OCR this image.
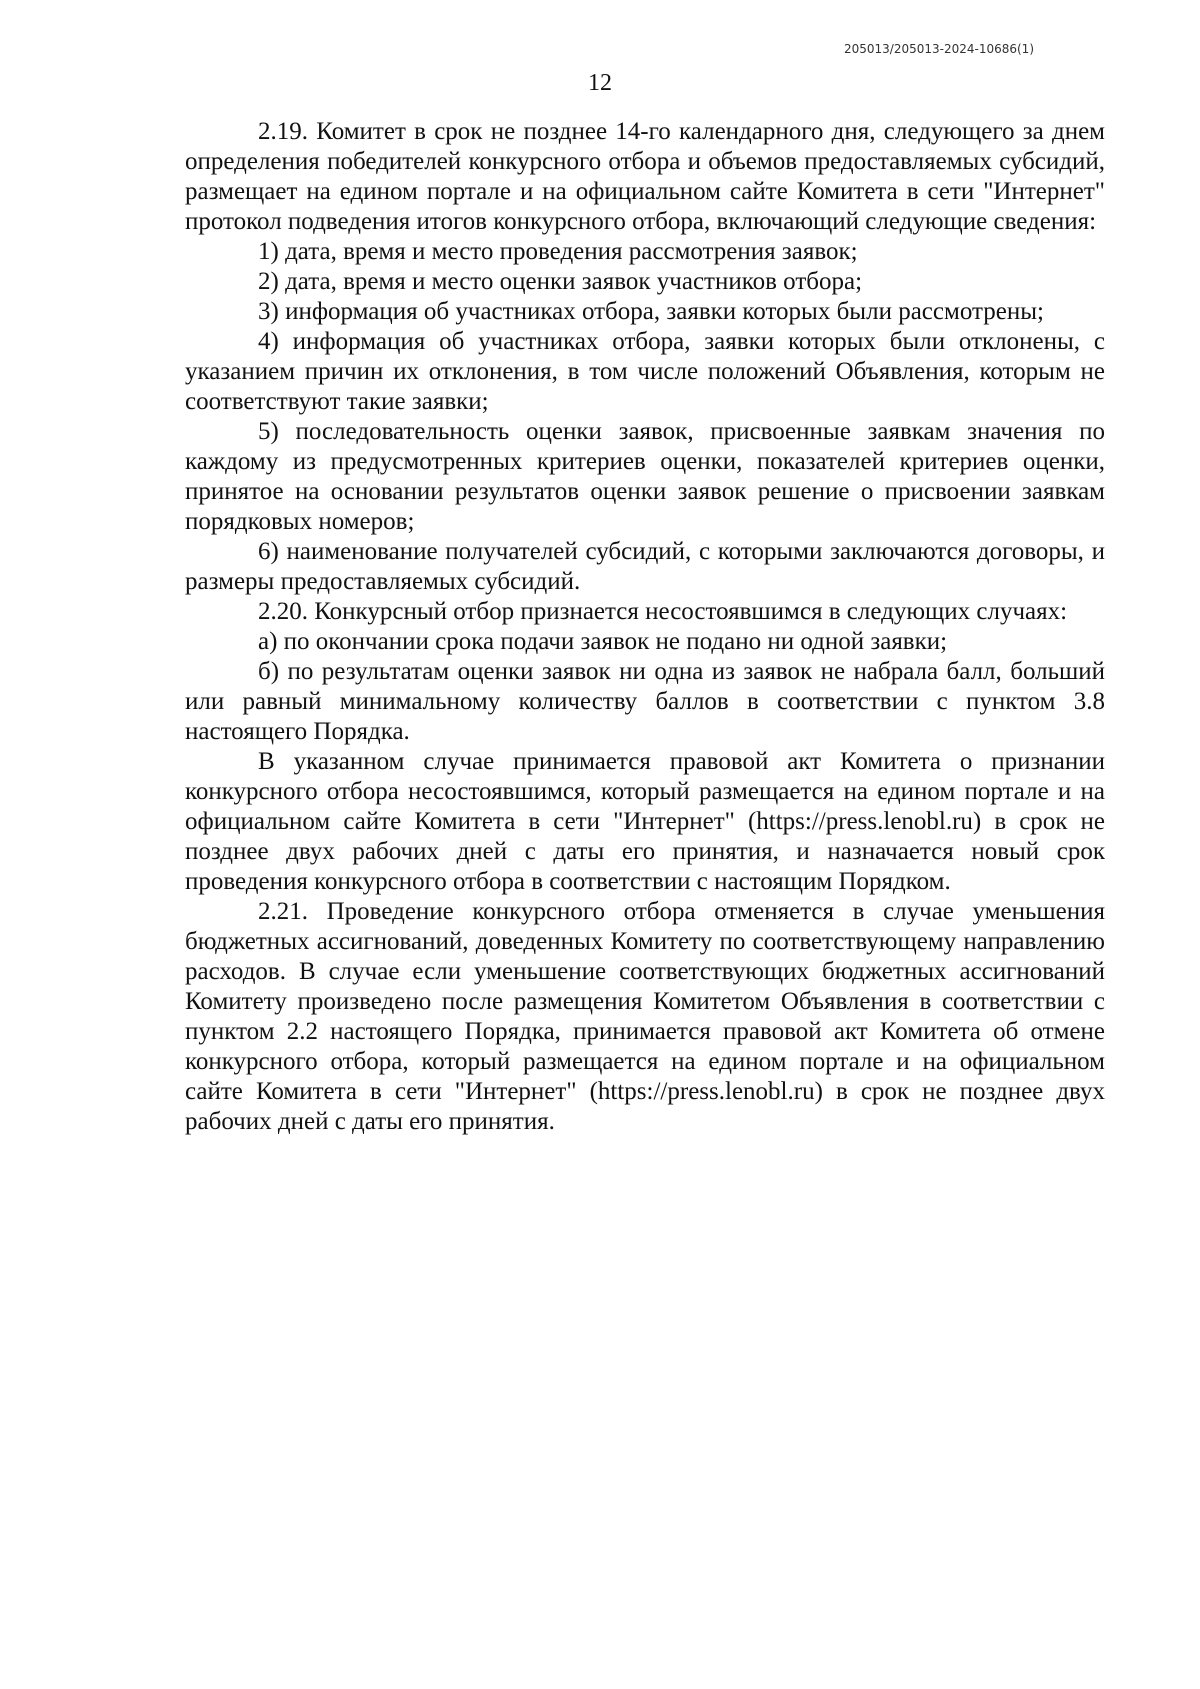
205013/205013-2024-10686(1)
12

2.19. Комитет в срок не позднее 14-го календарного дня, следующего за днем определения победителей конкурсного отбора и объемов предоставляемых субсидий, размещает на едином портале и на официальном сайте Комитета в сети "Интернет" протокол подведения итогов конкурсного отбора, включающий следующие сведения:

1) дата, время и место проведения рассмотрения заявок;

2) дата, время и место оценки заявок участников отбора;

3) информация об участниках отбора, заявки которых были рассмотрены;

4) информация об участниках отбора, заявки которых были отклонены, с указанием причин их отклонения, в том числе положений Объявления, которым не соответствуют такие заявки;

5) последовательность оценки заявок, присвоенные заявкам значения по каждому из предусмотренных критериев оценки, показателей критериев оценки, принятое на основании результатов оценки заявок решение о присвоении заявкам порядковых номеров;

6) наименование получателей субсидий, с которыми заключаются договоры, и размеры предоставляемых субсидий.

2.20. Конкурсный отбор признается несостоявшимся в следующих случаях:

а) по окончании срока подачи заявок не подано ни одной заявки;

б) по результатам оценки заявок ни одна из заявок не набрала балл, больший или равный минимальному количеству баллов в соответствии с пунктом 3.8 настоящего Порядка.

В указанном случае принимается правовой акт Комитета о признании конкурсного отбора несостоявшимся, который размещается на едином портале и на официальном сайте Комитета в сети "Интернет" (https://press.lenobl.ru) в срок не позднее двух рабочих дней с даты его принятия, и назначается новый срок проведения конкурсного отбора в соответствии с настоящим Порядком.

2.21. Проведение конкурсного отбора отменяется в случае уменьшения бюджетных ассигнований, доведенных Комитету по соответствующему направлению расходов. В случае если уменьшение соответствующих бюджетных ассигнований Комитету произведено после размещения Комитетом Объявления в соответствии с пунктом 2.2 настоящего Порядка, принимается правовой акт Комитета об отмене конкурсного отбора, который размещается на едином портале и на официальном сайте Комитета в сети "Интернет" (https://press.lenobl.ru) в срок не позднее двух рабочих дней с даты его принятия.
